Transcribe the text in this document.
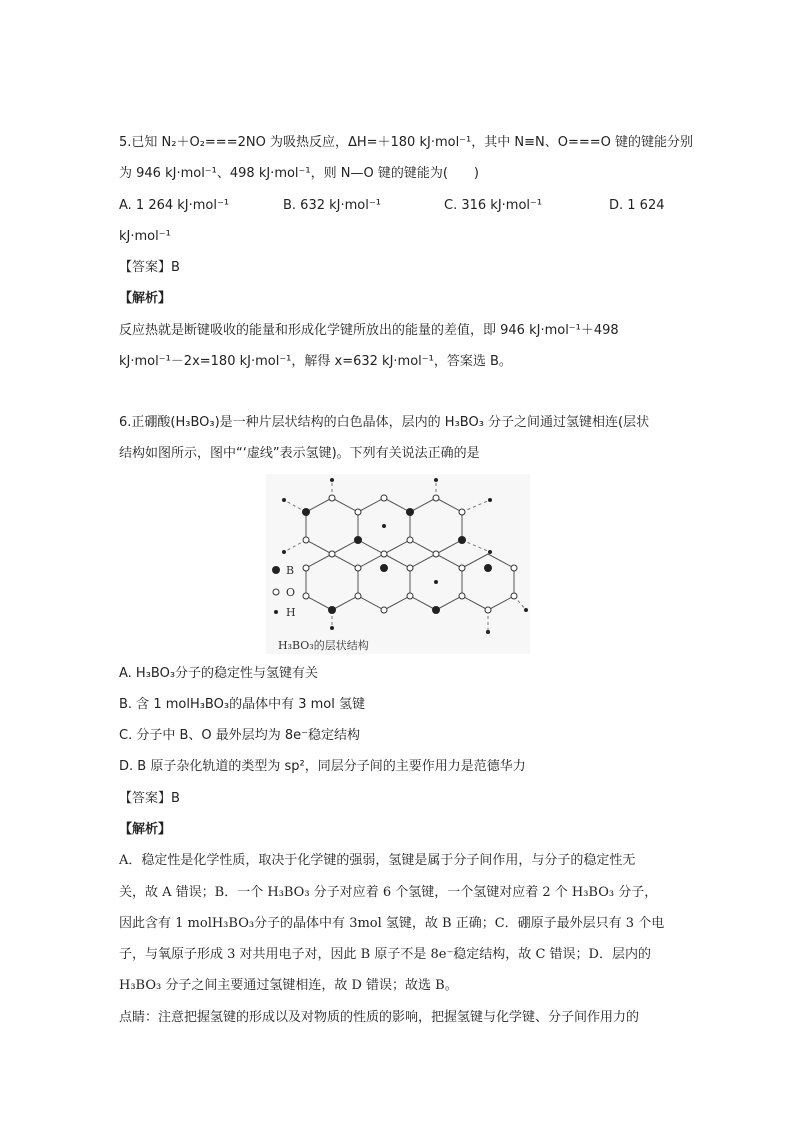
5.已知 N₂＋O₂===2NO 为吸热反应，ΔH=＋180 kJ·mol⁻¹，其中 N≡N、O===O 键的键能分别
为 946 kJ·mol⁻¹、498 kJ·mol⁻¹，则 N—O 键的键能为(　　)
A. 1 264 kJ·mol⁻¹	B. 632 kJ·mol⁻¹	C. 316 kJ·mol⁻¹	D. 1 624
kJ·mol⁻¹
【答案】B
【解析】
反应热就是断键吸收的能量和形成化学键所放出的能量的差值，即 946 kJ·mol⁻¹＋498
kJ·mol⁻¹－2x=180 kJ·mol⁻¹，解得 x=632 kJ·mol⁻¹，答案选 B。
6.正硼酸(H₃BO₃)是一种片层状结构的白色晶体，层内的 H₃BO₃ 分子之间通过氢键相连(层状
结构如图所示，图中“‘虚线”表示氢键)。下列有关说法正确的是
B
O
H
H₃BO₃的层状结构
A. H₃BO₃分子的稳定性与氢键有关
B. 含 1 molH₃BO₃的晶体中有 3 mol 氢键
C. 分子中 B、O 最外层均为 8e⁻稳定结构
D. B 原子杂化轨道的类型为 sp²，同层分子间的主要作用力是范德华力
【答案】B
【解析】
A．稳定性是化学性质，取决于化学键的强弱，氢键是属于分子间作用，与分子的稳定性无
关，故 A 错误；B．一个 H₃BO₃ 分子对应着 6 个氢键，一个氢键对应着 2 个 H₃BO₃ 分子，
因此含有 1 molH₃BO₃分子的晶体中有 3mol 氢键，故 B 正确；C．硼原子最外层只有 3 个电
子，与氧原子形成 3 对共用电子对，因此 B 原子不是 8e⁻稳定结构，故 C 错误；D．层内的
H₃BO₃ 分子之间主要通过氢键相连，故 D 错误；故选 B。
点睛：注意把握氢键的形成以及对物质的性质的影响，把握氢键与化学键、分子间作用力的
